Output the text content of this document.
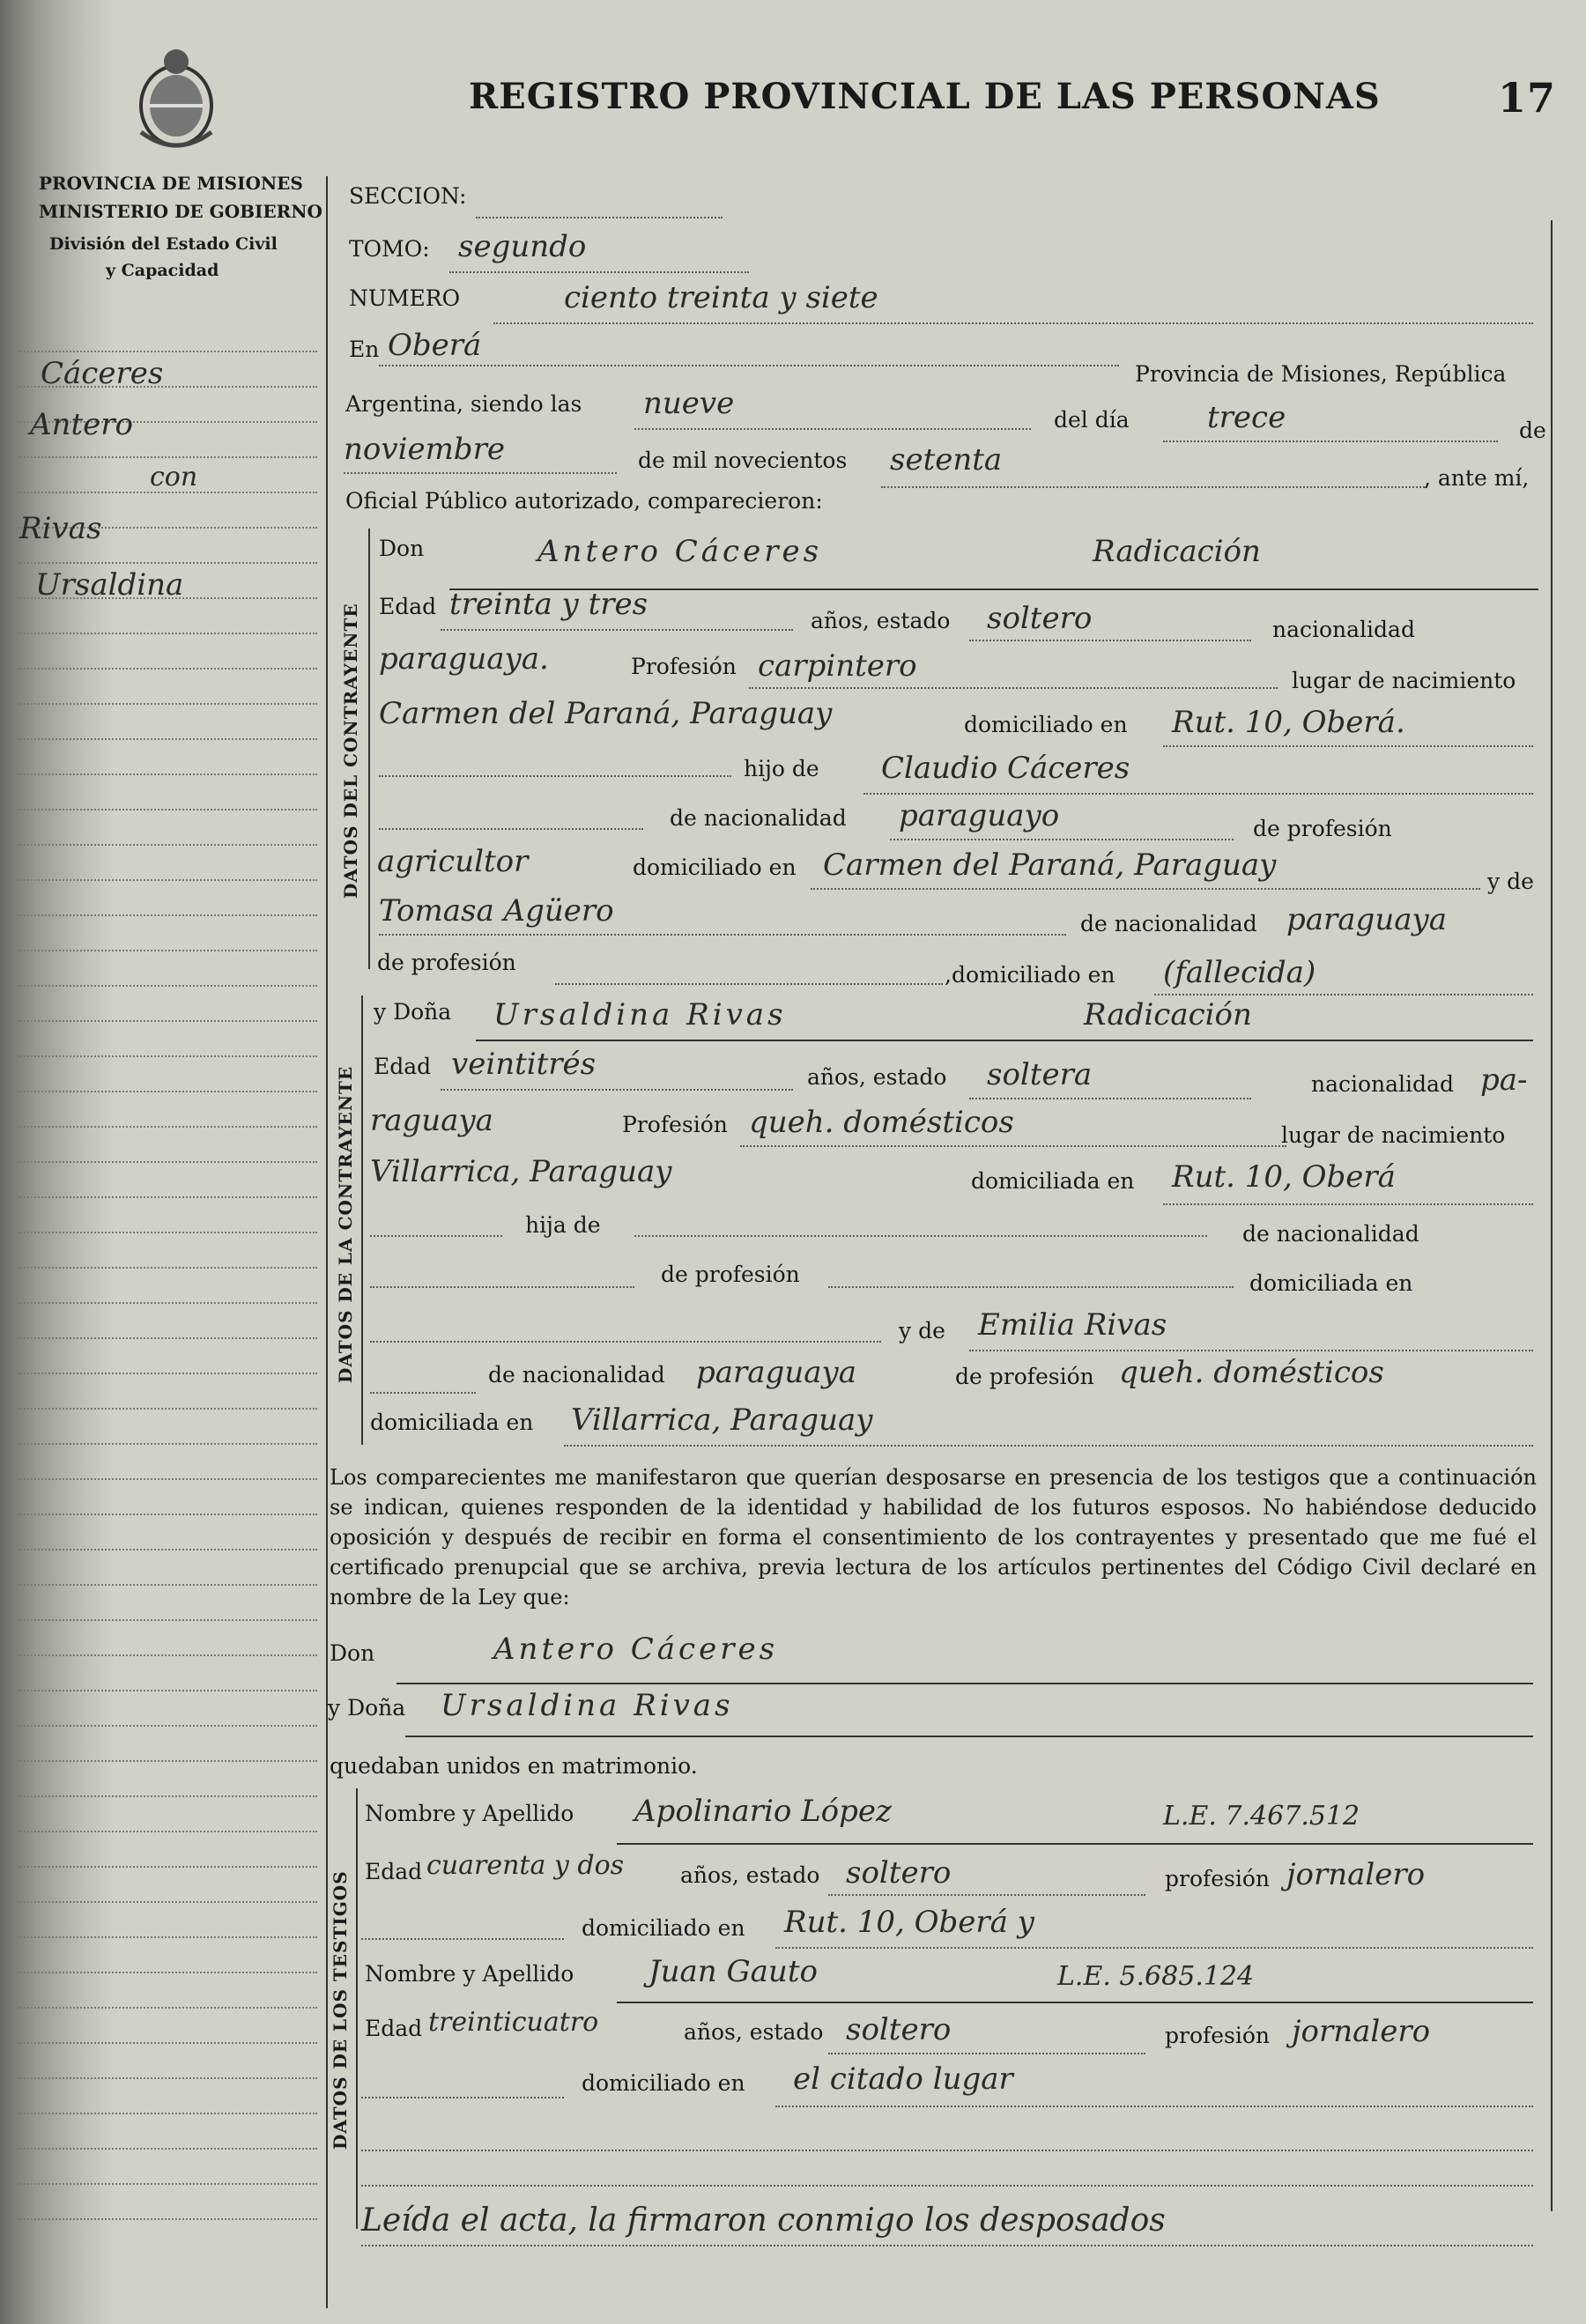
PROVINCIA DE MISIONES
MINISTERIO DE GOBIERNO
División del Estado Civil
y Capacidad
REGISTRO PROVINCIAL DE LAS PERSONAS	17
Cáceres
Antero
con
Rivas
Ursaldina
SECCION:
TOMO: segundo
NUMERO	ciento treinta y siete
En Oberá
Provincia de Misiones, República
Argentina, siendo las nueve	del día	trece	de
noviembre	de mil novecientos setenta
, ante mí,
Oficial Público autorizado, comparecieron:
DATOS DEL CONTRAYENTE
Don	Antero Cáceres	Radicación
Edad treinta y tres	años, estado soltero	nacionalidad
paraguaya.	Profesión carpintero	lugar de nacimiento
Carmen del Paraná, Paraguay	domiciliado en Rut. 10, Oberá.
hijo de Claudio Cáceres
de nacionalidad paraguayo	de profesión
agricultor	domiciliado en Carmen del Paraná, Paraguay	y de
Tomasa Agüero	de nacionalidad paraguaya
de profesión	,domiciliado en (fallecida)
DATOS DE LA CONTRAYENTE
y Doña Ursaldina Rivas	Radicación
Edad veintitrés	años, estado soltera	nacionalidad pa-
raguaya	Profesión queh. domésticos	lugar de nacimiento
Villarrica, Paraguay	domiciliada en Rut. 10, Oberá
hija de	de nacionalidad
de profesión	domiciliada en
y de Emilia Rivas
de nacionalidad paraguaya	de profesión queh. domésticos
domiciliada en Villarrica, Paraguay
Los comparecientes me manifestaron que querían desposarse en presencia de los testigos que a continuación se indican, quienes responden de la identidad y habilidad de los futuros esposos. No habiéndose deducido oposición y después de recibir en forma el consentimiento de los contrayentes y presentado que me fué el certificado prenupcial que se archiva, previa lectura de los artículos pertinentes del Código Civil declaré en nombre de la Ley que:
Don	Antero Cáceres
y Doña Ursaldina Rivas
quedaban unidos en matrimonio.
DATOS DE LOS TESTIGOS
Nombre y Apellido Apolinario López	L.E. 7.467.512
Edad cuarenta y dos	años, estado soltero	profesión jornalero
domiciliado en Rut. 10, Oberá y
Nombre y Apellido Juan Gauto	L.E. 5.685.124
Edad treinticuatro	años, estado soltero	profesión jornalero
domiciliado en el citado lugar
Leída el acta, la firmaron conmigo los desposados
